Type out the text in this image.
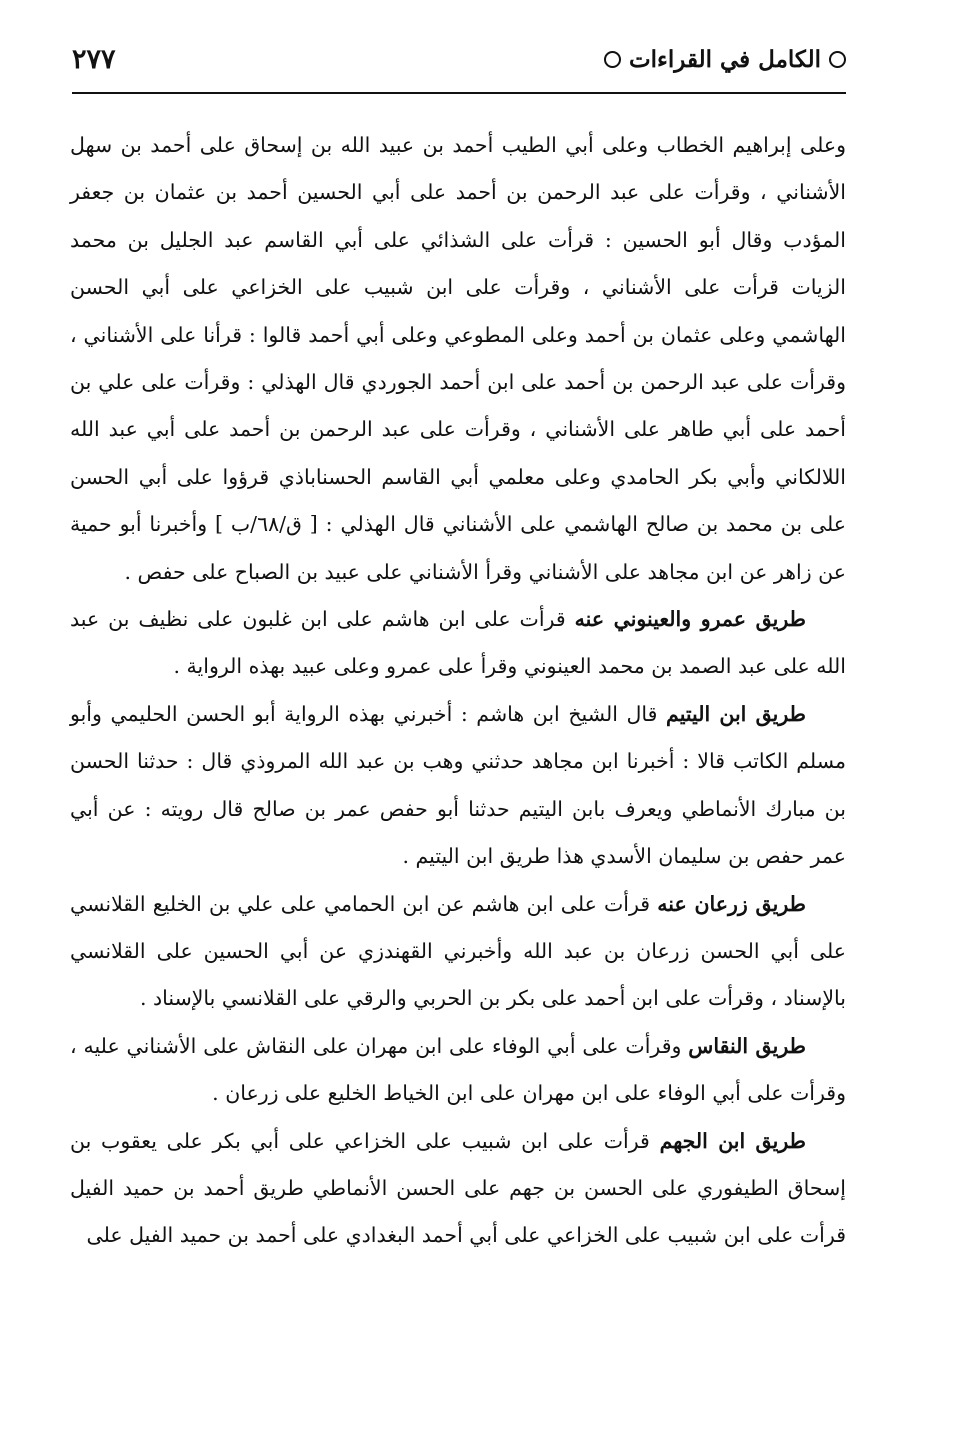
الكامل في القراءات
٢٧٧

وعلى إبراهيم الخطاب وعلى أبي الطيب أحمد بن عبيد الله بن إسحاق على أحمد بن سهل الأشناني ، وقرأت على عبد الرحمن بن أحمد على أبي الحسين أحمد بن عثمان بن جعفر المؤدب وقال أبو الحسين : قرأت على الشذائي على أبي القاسم عبد الجليل بن محمد الزيات قرأت على الأشناني ، وقرأت على ابن شبيب على الخزاعي على أبي الحسن الهاشمي وعلى عثمان بن أحمد وعلى المطوعي وعلى أبي أحمد قالوا : قرأنا على الأشناني ، وقرأت على عبد الرحمن بن أحمد على ابن أحمد الجوردي قال الهذلي : وقرأت على علي بن أحمد على أبي طاهر على الأشناني ، وقرأت على عبد الرحمن بن أحمد على أبي عبد الله اللالكاني وأبي بكر الحامدي وعلى معلمي أبي القاسم الحسناباذي قرؤوا على أبي الحسن على بن محمد بن صالح الهاشمي على الأشناني قال الهذلي : [ ق/٦٨/ب ] وأخبرنا أبو حمية عن زاهر عن ابن مجاهد على الأشناني وقرأ الأشناني على عبيد بن الصباح على حفص .

طريق عمرو والعينوني عنه قرأت على ابن هاشم على ابن غلبون على نظيف بن عبد الله على عبد الصمد بن محمد العينوني وقرأ على عمرو وعلى عبيد بهذه الرواية .

طريق ابن اليتيم قال الشيخ ابن هاشم : أخبرني بهذه الرواية أبو الحسن الحليمي وأبو مسلم الكاتب قالا : أخبرنا ابن مجاهد حدثني وهب بن عبد الله المروذي قال : حدثنا الحسن بن مبارك الأنماطي ويعرف بابن اليتيم حدثنا أبو حفص عمر بن صالح قال رويته : عن أبي عمر حفص بن سليمان الأسدي هذا طريق ابن اليتيم .

طريق زرعان عنه قرأت على ابن هاشم عن ابن الحمامي على علي بن الخليع القلانسي على أبي الحسن زرعان بن عبد الله وأخبرني القهندزي عن أبي الحسين على القلانسي بالإسناد ، وقرأت على ابن أحمد على بكر بن الحربي والرقي على القلانسي بالإسناد .

طريق النقاس وقرأت على أبي الوفاء على ابن مهران على النقاش على الأشناني عليه ، وقرأت على أبي الوفاء على ابن مهران على ابن الخياط الخليع على زرعان .

طريق ابن الجهم قرأت على ابن شبيب على الخزاعي على أبي بكر على يعقوب بن إسحاق الطيفوري على الحسن بن جهم على الحسن الأنماطي طريق أحمد بن حميد الفيل قرأت على ابن شبيب على الخزاعي على أبي أحمد البغدادي على أحمد بن حميد الفيل على
